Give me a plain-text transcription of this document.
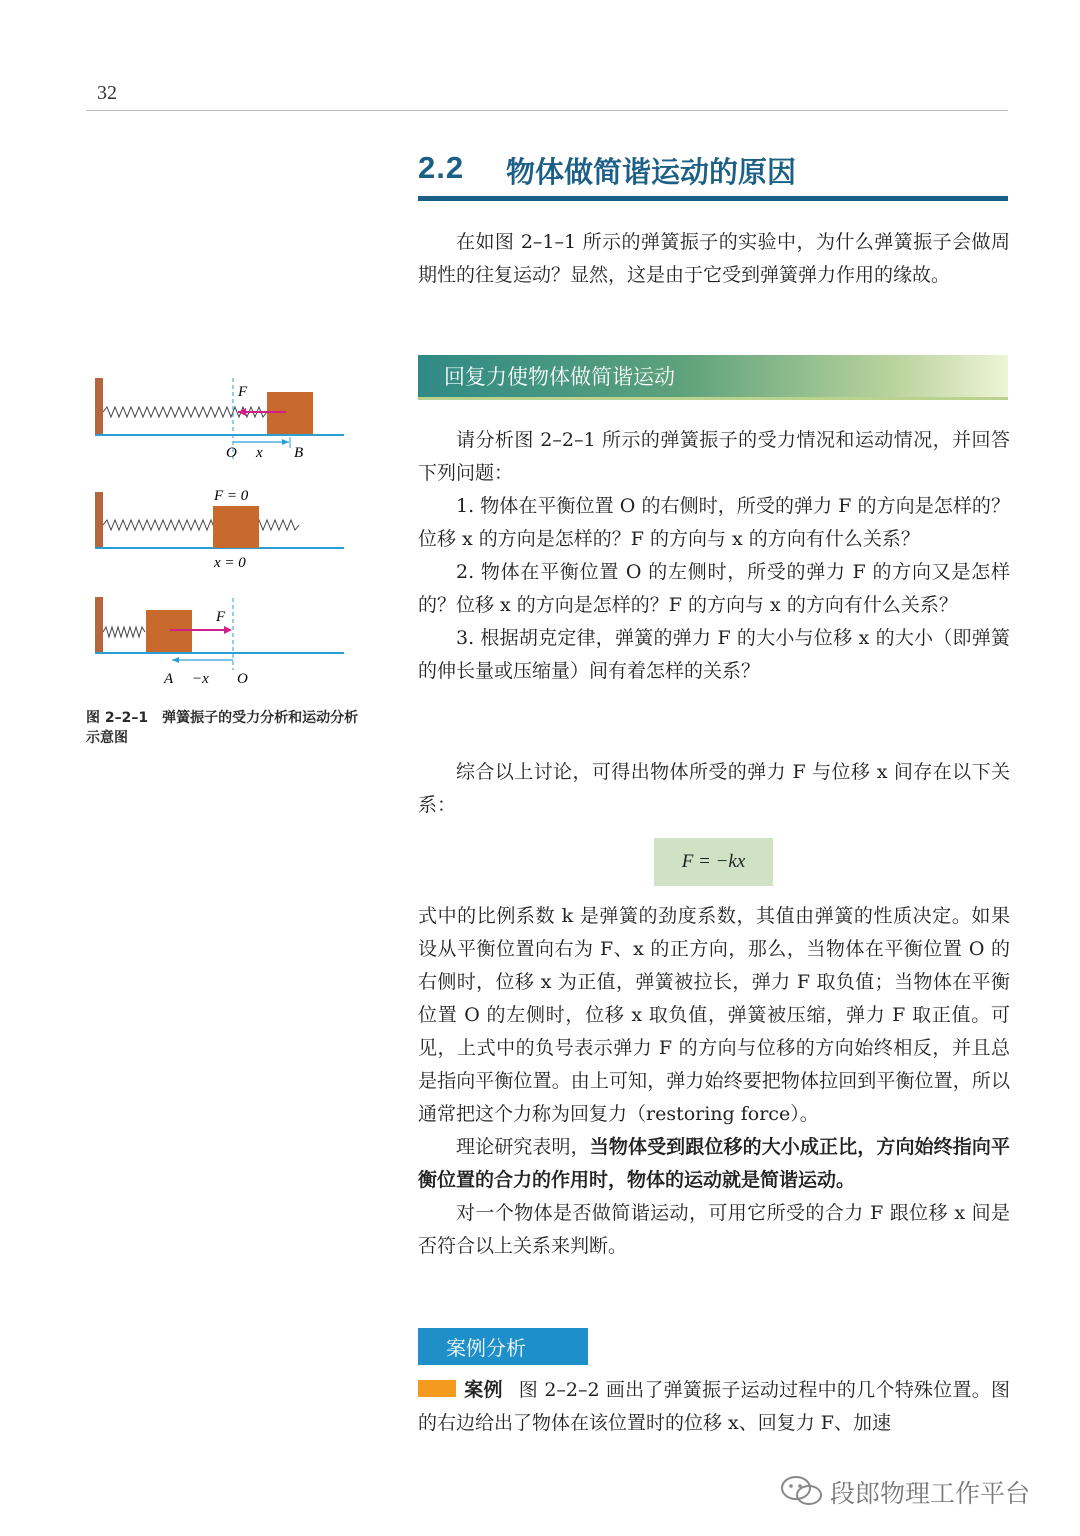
32
2.2 物体做简谐运动的原因

在如图 2–1–1 所示的弹簧振子的实验中，为什么弹簧振子会做周期性的往复运动？显然，这是由于它受到弹簧弹力作用的缘故。

回复力使物体做简谐运动

请分析图 2–2–1 所示的弹簧振子的受力情况和运动情况，并回答下列问题：

1. 物体在平衡位置 O 的右侧时，所受的弹力 F 的方向是怎样的？位移 x 的方向是怎样的？F 的方向与 x 的方向有什么关系？

2. 物体在平衡位置 O 的左侧时，所受的弹力 F 的方向又是怎样的？位移 x 的方向是怎样的？F 的方向与 x 的方向有什么关系？

3. 根据胡克定律，弹簧的弹力 F 的大小与位移 x 的大小（即弹簧的伸长量或压缩量）间有着怎样的关系？

综合以上讨论，可得出物体所受的弹力 F 与位移 x 间存在以下关系：

F = −kx

式中的比例系数 k 是弹簧的劲度系数，其值由弹簧的性质决定。如果设从平衡位置向右为 F、x 的正方向，那么，当物体在平衡位置 O 的右侧时，位移 x 为正值，弹簧被拉长，弹力 F 取负值；当物体在平衡位置 O 的左侧时，位移 x 取负值，弹簧被压缩，弹力 F 取正值。可见，上式中的负号表示弹力 F 的方向与位移的方向始终相反，并且总是指向平衡位置。由上可知，弹力始终要把物体拉回到平衡位置，所以通常把这个力称为回复力（restoring force）。

理论研究表明，当物体受到跟位移的大小成正比，方向始终指向平衡位置的合力的作用时，物体的运动就是简谐运动。

对一个物体是否做简谐运动，可用它所受的合力 F 跟位移 x 间是否符合以上关系来判断。

案例分析

案例 图 2–2–2 画出了弹簧振子运动过程中的几个特殊位置。图的右边给出了物体在该位置时的位移 x、回复力 F、加速

F
O x B
F = 0
x = 0
F
A −x O
图 2–2–1　弹簧振子的受力分析和运动分析示意图
段郎物理工作平台
